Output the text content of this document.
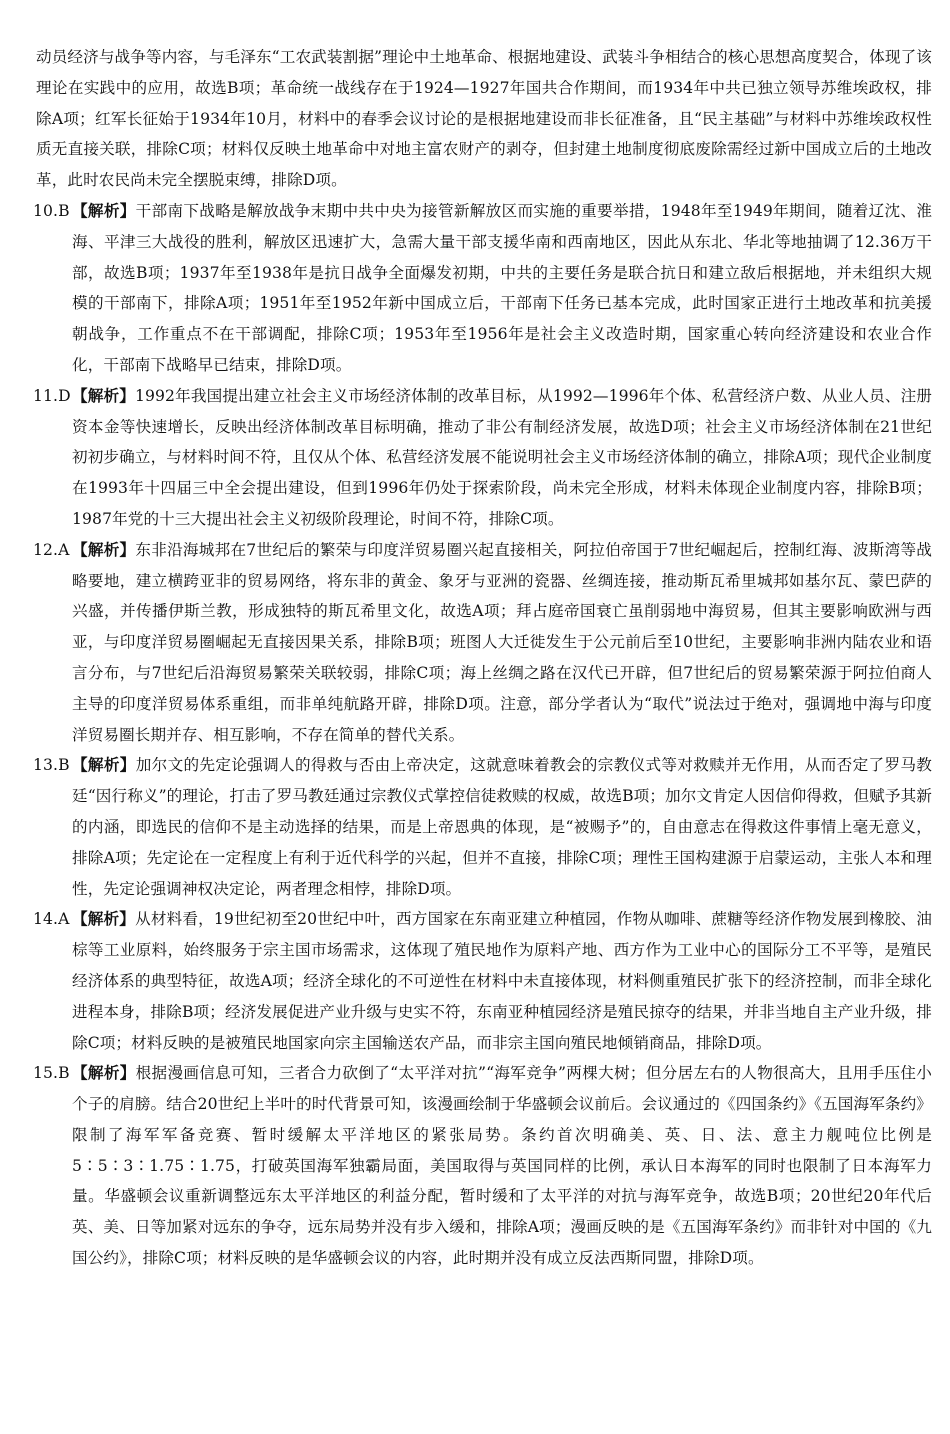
动员经济与战争等内容，与毛泽东“工农武装割据”理论中土地革命、根据地建设、武装斗争相结合的核心思想高度契合，体现了该理论在实践中的应用，故选B项；革命统一战线存在于1924—1927年国共合作期间，而1934年中共已独立领导苏维埃政权，排除A项；红军长征始于1934年10月，材料中的春季会议讨论的是根据地建设而非长征准备，且“民主基础”与材料中苏维埃政权性质无直接关联，排除C项；材料仅反映土地革命中对地主富农财产的剥夺，但封建土地制度彻底废除需经过新中国成立后的土地改革，此时农民尚未完全摆脱束缚，排除D项。

10.B 【解析】干部南下战略是解放战争末期中共中央为接管新解放区而实施的重要举措，1948年至1949年期间，随着辽沈、淮海、平津三大战役的胜利，解放区迅速扩大，急需大量干部支援华南和西南地区，因此从东北、华北等地抽调了12.36万干部，故选B项；1937年至1938年是抗日战争全面爆发初期，中共的主要任务是联合抗日和建立敌后根据地，并未组织大规模的干部南下，排除A项；1951年至1952年新中国成立后，干部南下任务已基本完成，此时国家正进行土地改革和抗美援朝战争，工作重点不在干部调配，排除C项；1953年至1956年是社会主义改造时期，国家重心转向经济建设和农业合作化，干部南下战略早已结束，排除D项。

11.D 【解析】1992年我国提出建立社会主义市场经济体制的改革目标，从1992—1996年个体、私营经济户数、从业人员、注册资本金等快速增长，反映出经济体制改革目标明确，推动了非公有制经济发展，故选D项；社会主义市场经济体制在21世纪初初步确立，与材料时间不符，且仅从个体、私营经济发展不能说明社会主义市场经济体制的确立，排除A项；现代企业制度在1993年十四届三中全会提出建设，但到1996年仍处于探索阶段，尚未完全形成，材料未体现企业制度内容，排除B项；1987年党的十三大提出社会主义初级阶段理论，时间不符，排除C项。

12.A 【解析】东非沿海城邦在7世纪后的繁荣与印度洋贸易圈兴起直接相关，阿拉伯帝国于7世纪崛起后，控制红海、波斯湾等战略要地，建立横跨亚非的贸易网络，将东非的黄金、象牙与亚洲的瓷器、丝绸连接，推动斯瓦希里城邦如基尔瓦、蒙巴萨的兴盛，并传播伊斯兰教，形成独特的斯瓦希里文化，故选A项；拜占庭帝国衰亡虽削弱地中海贸易，但其主要影响欧洲与西亚，与印度洋贸易圈崛起无直接因果关系，排除B项；班图人大迁徙发生于公元前后至10世纪，主要影响非洲内陆农业和语言分布，与7世纪后沿海贸易繁荣关联较弱，排除C项；海上丝绸之路在汉代已开辟，但7世纪后的贸易繁荣源于阿拉伯商人主导的印度洋贸易体系重组，而非单纯航路开辟，排除D项。注意，部分学者认为“取代”说法过于绝对，强调地中海与印度洋贸易圈长期并存、相互影响，不存在简单的替代关系。

13.B 【解析】加尔文的先定论强调人的得救与否由上帝决定，这就意味着教会的宗教仪式等对救赎并无作用，从而否定了罗马教廷“因行称义”的理论，打击了罗马教廷通过宗教仪式掌控信徒救赎的权威，故选B项；加尔文肯定人因信仰得救，但赋予其新的内涵，即选民的信仰不是主动选择的结果，而是上帝恩典的体现，是“被赐予”的，自由意志在得救这件事情上毫无意义，排除A项；先定论在一定程度上有利于近代科学的兴起，但并不直接，排除C项；理性王国构建源于启蒙运动，主张人本和理性，先定论强调神权决定论，两者理念相悖，排除D项。

14.A 【解析】从材料看，19世纪初至20世纪中叶，西方国家在东南亚建立种植园，作物从咖啡、蔗糖等经济作物发展到橡胶、油棕等工业原料，始终服务于宗主国市场需求，这体现了殖民地作为原料产地、西方作为工业中心的国际分工不平等，是殖民经济体系的典型特征，故选A项；经济全球化的不可逆性在材料中未直接体现，材料侧重殖民扩张下的经济控制，而非全球化进程本身，排除B项；经济发展促进产业升级与史实不符，东南亚种植园经济是殖民掠夺的结果，并非当地自主产业升级，排除C项；材料反映的是被殖民地国家向宗主国输送农产品，而非宗主国向殖民地倾销商品，排除D项。

15.B 【解析】根据漫画信息可知，三者合力砍倒了“太平洋对抗”“海军竞争”两棵大树；但分居左右的人物很高大，且用手压住小个子的肩膀。结合20世纪上半叶的时代背景可知，该漫画绘制于华盛顿会议前后。会议通过的《四国条约》《五国海军条约》限制了海军军备竞赛、暂时缓解太平洋地区的紧张局势。条约首次明确美、英、日、法、意主力舰吨位比例是5∶5∶3∶1.75∶1.75，打破英国海军独霸局面，美国取得与英国同样的比例，承认日本海军的同时也限制了日本海军力量。华盛顿会议重新调整远东太平洋地区的利益分配，暂时缓和了太平洋的对抗与海军竞争，故选B项；20世纪20年代后英、美、日等加紧对远东的争夺，远东局势并没有步入缓和，排除A项；漫画反映的是《五国海军条约》而非针对中国的《九国公约》，排除C项；材料反映的是华盛顿会议的内容，此时期并没有成立反法西斯同盟，排除D项。
